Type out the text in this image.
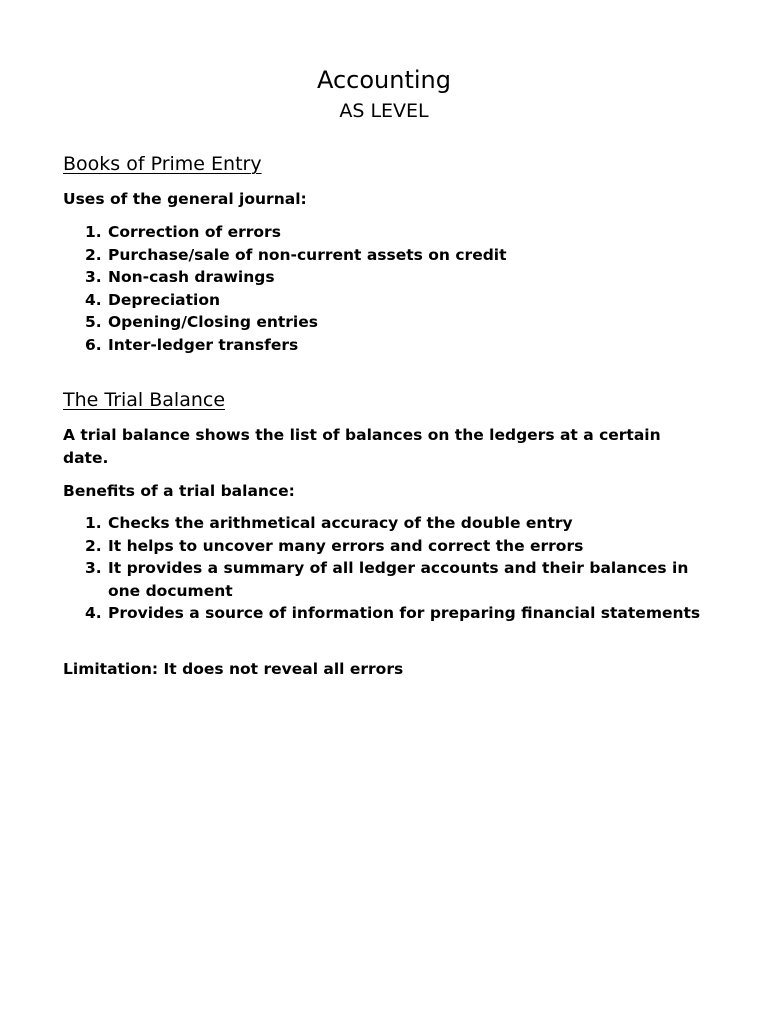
Accounting

AS LEVEL

Books of Prime Entry

Uses of the general journal:

1. Correction of errors
2. Purchase/sale of non-current assets on credit
3. Non-cash drawings
4. Depreciation
5. Opening/Closing entries
6. Inter-ledger transfers
The Trial Balance

A trial balance shows the list of balances on the ledgers at a certain date.

Benefits of a trial balance:

1. Checks the arithmetical accuracy of the double entry
2. It helps to uncover many errors and correct the errors
3. It provides a summary of all ledger accounts and their balances in one document
4. Provides a source of information for preparing financial statements

Limitation: It does not reveal all errors
